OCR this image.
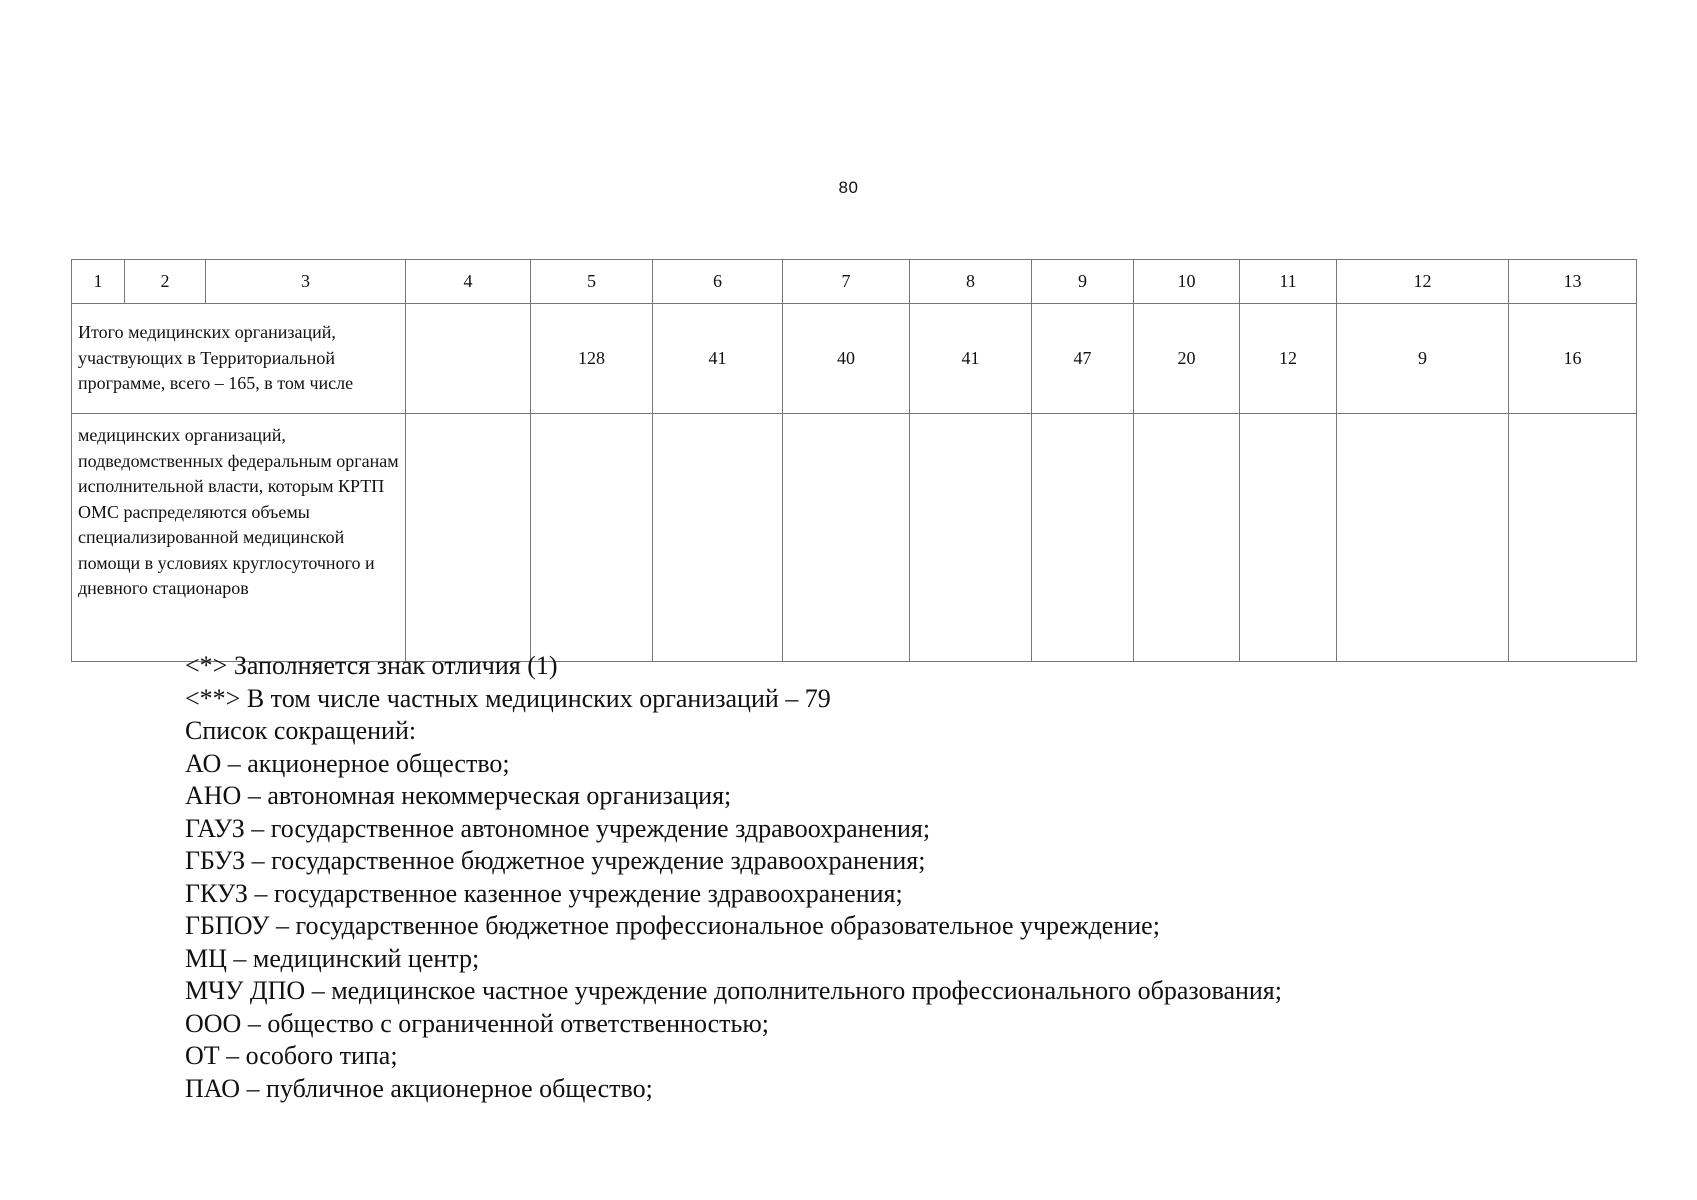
80
1	2	3	4	5	6	7	8	9	10	11	12	13
Итого медицинских организаций, участвующих в Территориальной программе, всего – 165, в том числе				128	41	40	41	47	20	12	9	16
медицинских организаций, подведомственных федеральным органам исполнительной власти, которым КРТП ОМС распределяются объемы специализированной медицинской помощи в условиях круглосуточного и дневного стационаров												
<*> Заполняется знак отличия (1)
<**> В том числе частных медицинских организаций – 79
Список сокращений:
АО – акционерное общество;
АНО – автономная некоммерческая организация;
ГАУЗ – государственное автономное учреждение здравоохранения;
ГБУЗ – государственное бюджетное учреждение здравоохранения;
ГКУЗ – государственное казенное учреждение здравоохранения;
ГБПОУ – государственное бюджетное профессиональное образовательное учреждение;
МЦ – медицинский центр;
МЧУ ДПО – медицинское частное учреждение дополнительного профессионального образования;
ООО – общество с ограниченной ответственностью;
ОТ – особого типа;
ПАО – публичное акционерное общество;
